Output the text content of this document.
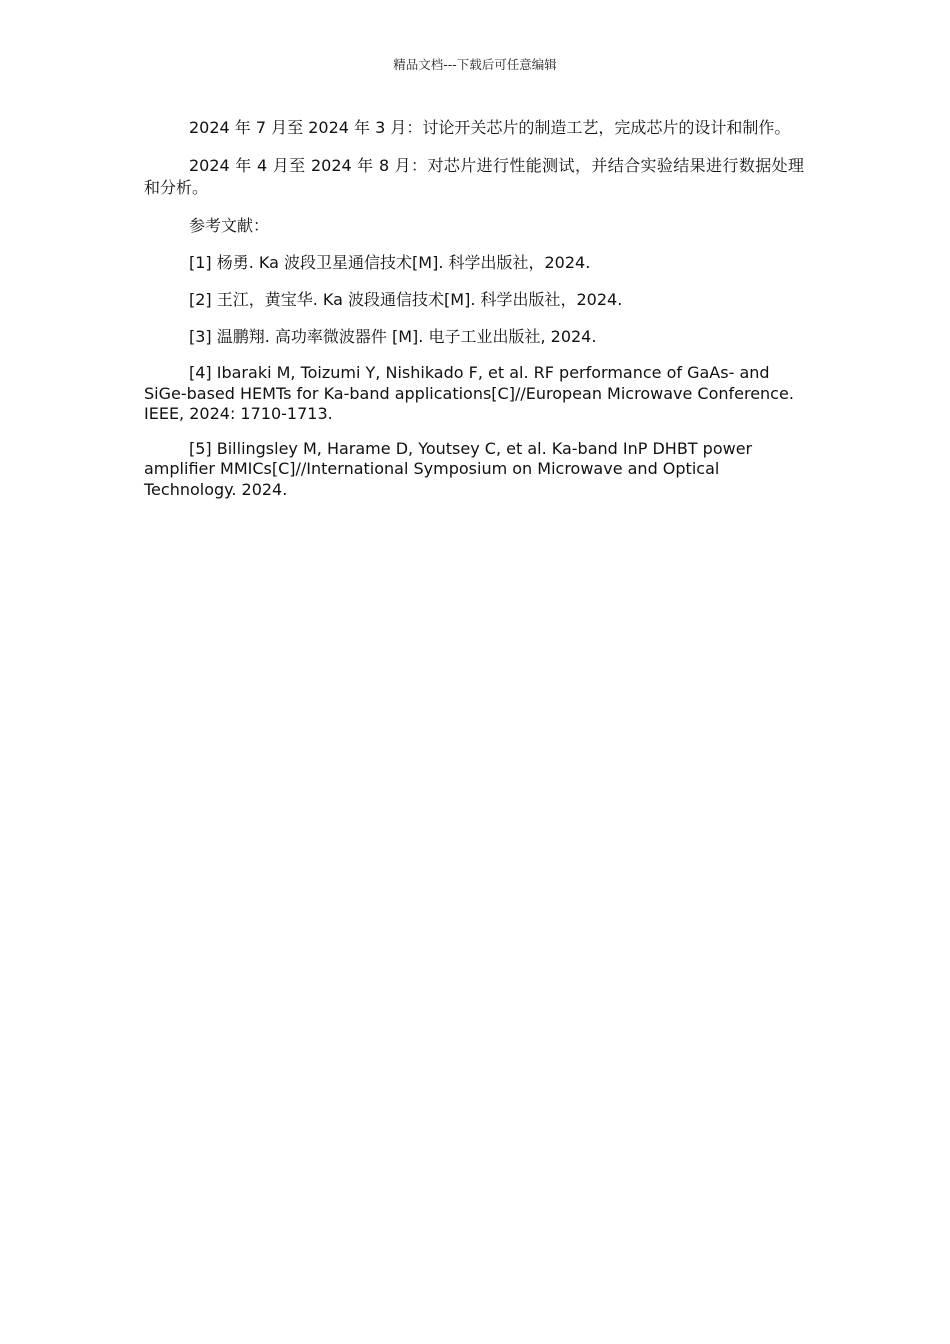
精品文档---下载后可任意编辑

2024 年 7 月至 2024 年 3 月：讨论开关芯片的制造工艺，完成芯片的设计和制作。

2024 年 4 月至 2024 年 8 月：对芯片进行性能测试，并结合实验结果进行数据处理和分析。

参考文献：

[1] 杨勇. Ka 波段卫星通信技术[M]. 科学出版社，2024.

[2] 王江，黄宝华. Ka 波段通信技术[M]. 科学出版社，2024.

[3] 温鹏翔. 高功率微波器件 [M]. 电子工业出版社, 2024.

[4] Ibaraki M, Toizumi Y, Nishikado F, et al. RF performance of GaAs- and SiGe-based HEMTs for Ka-band applications[C]//European Microwave Conference. IEEE, 2024: 1710-1713.

[5] Billingsley M, Harame D, Youtsey C, et al. Ka-band InP DHBT power amplifier MMICs[C]//International Symposium on Microwave and Optical Technology. 2024.
